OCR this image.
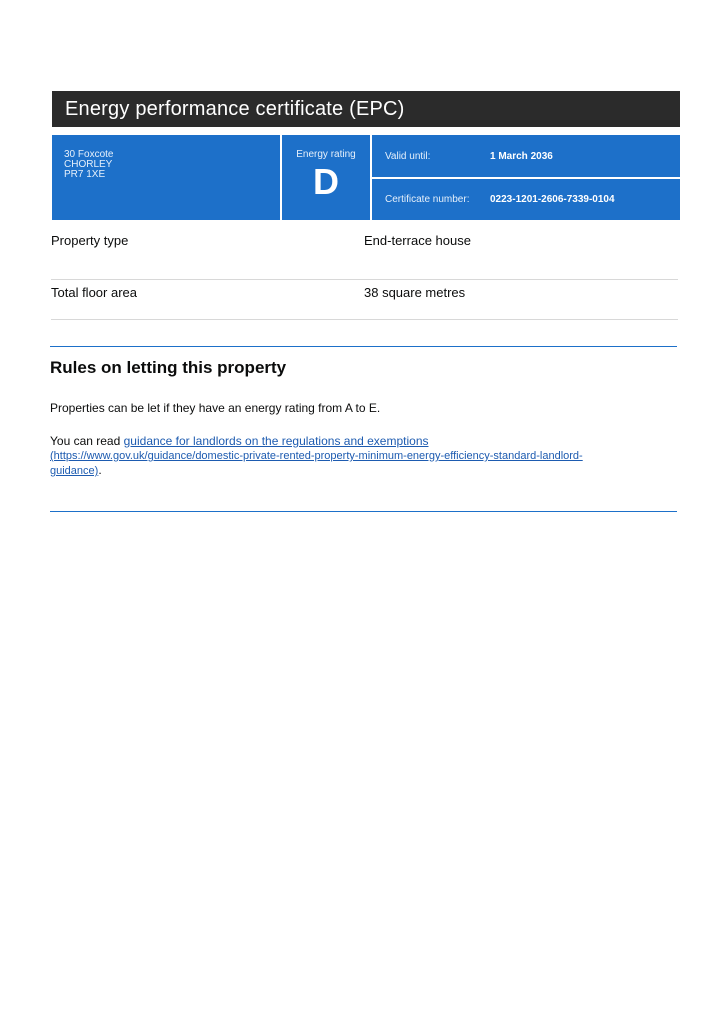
Energy performance certificate (EPC)
30 Foxcote
CHORLEY
PR7 1XE
Energy rating
D
Valid until:	1 March 2036
Certificate number:	0223-1201-2606-7339-0104
Property type	End-terrace house
Total floor area	38 square metres
Rules on letting this property

Properties can be let if they have an energy rating from A to E.

You can read guidance for landlords on the regulations and exemptions
(https://www.gov.uk/guidance/domestic-private-rented-property-minimum-energy-efficiency-standard-landlord-
guidance).
